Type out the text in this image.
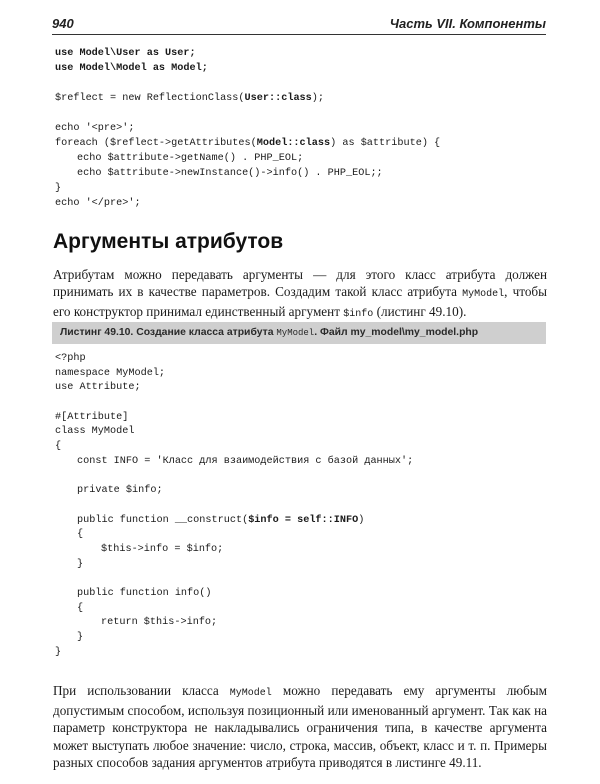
940	Часть VII. Компоненты
use Model\User as User;
use Model\Model as Model;
$reflect = new ReflectionClass(User::class);
echo '<pre>';
foreach ($reflect->getAttributes(Model::class) as $attribute) {
echo $attribute->getName() . PHP_EOL;
echo $attribute->newInstance()->info() . PHP_EOL;;
}
echo '</pre>';
Аргументы атрибутов

Атрибутам можно передавать аргументы — для этого класс атрибута должен принимать их в качестве параметров. Создадим такой класс атрибута MyModel, чтобы его конструктор принимал единственный аргумент $info (листинг 49.10).

Листинг 49.10. Создание класса атрибута MyModel. Файл my_model\my_model.php
<?php
namespace MyModel;
use Attribute;
#[Attribute]
class MyModel
{
const INFO = 'Класс для взаимодействия с базой данных';
private $info;
public function __construct($info = self::INFO)
{
$this->info = $info;
}
public function info()
{
return $this->info;
}
}

При использовании класса MyModel можно передавать ему аргументы любым допустимым способом, используя позиционный или именованный аргумент. Так как на параметр конструктора не накладывались ограничения типа, в качестве аргумента может выступать любое значение: число, строка, массив, объект, класс и т. п. Примеры разных способов задания аргументов атрибута приводятся в листинге 49.11.
